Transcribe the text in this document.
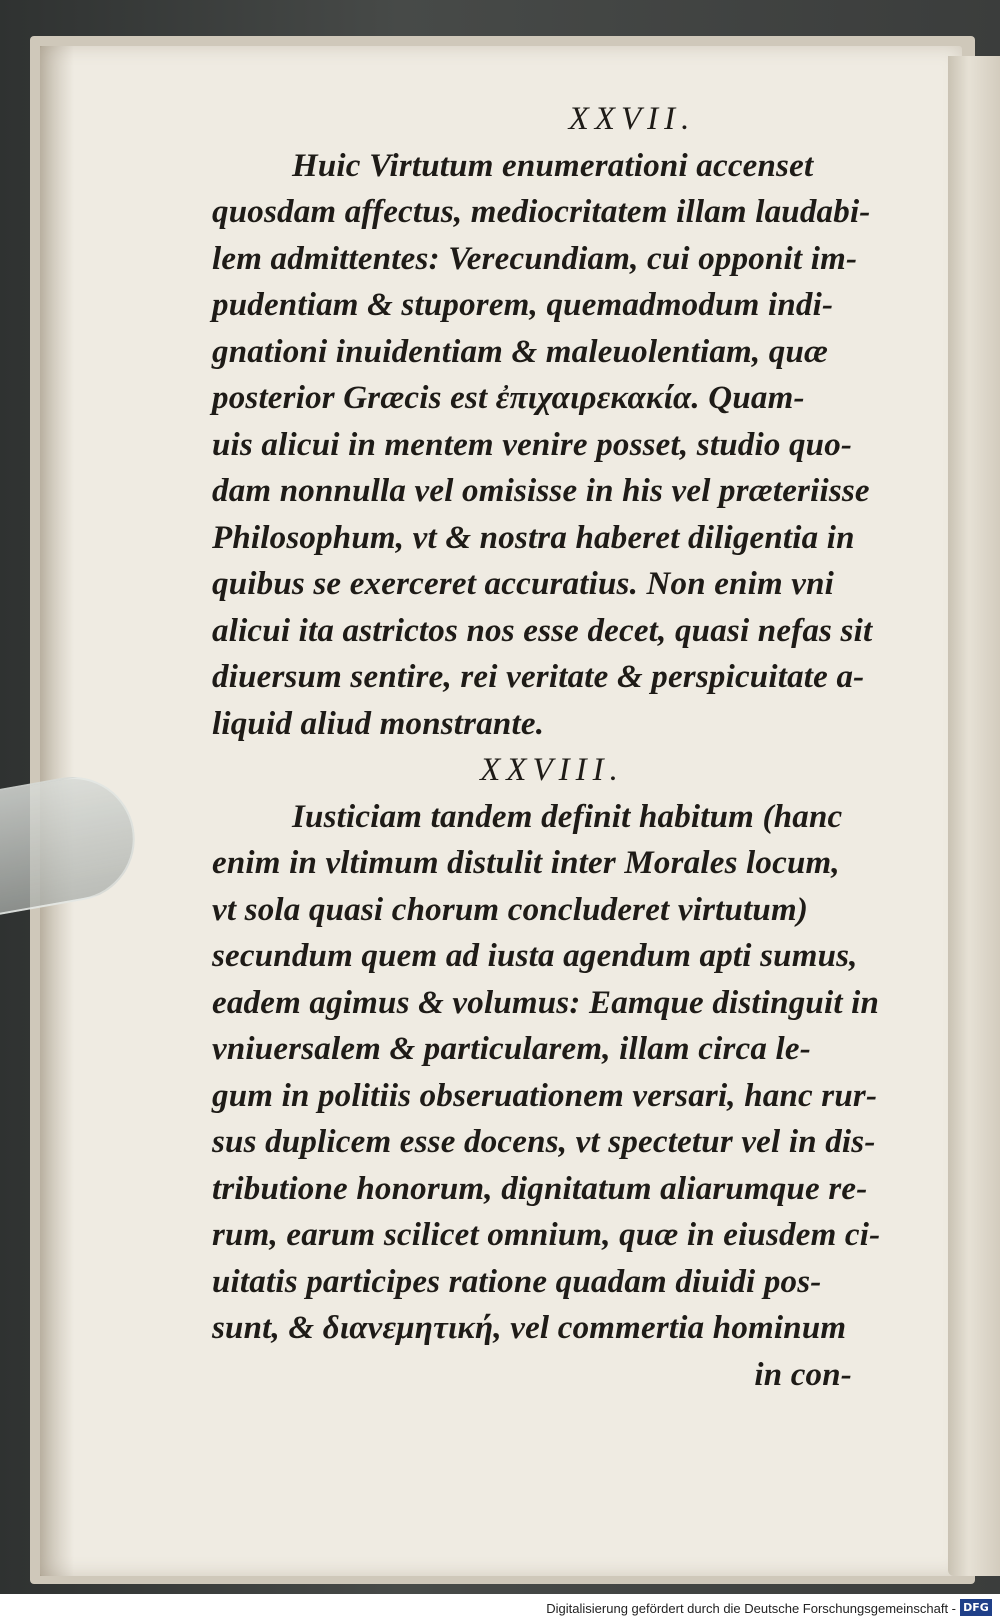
XXVII.
Huic Virtutum enumerationi accenset
quosdam affectus, mediocritatem illam laudabi-
lem admittentes: Verecundiam, cui opponit im-
pudentiam & stuporem, quemadmodum indi-
gnationi inuidentiam & maleuolentiam, quæ
posterior Græcis est ἐπιχαιρεκακία. Quam-
uis alicui in mentem venire posset, studio quo-
dam nonnulla vel omisisse in his vel præteriisse
Philosophum, vt & nostra haberet diligentia in
quibus se exerceret accuratius. Non enim vni
alicui ita astrictos nos esse decet, quasi nefas sit
diuersum sentire, rei veritate & perspicuitate a-
liquid aliud monstrante.
XXVIII.
Iusticiam tandem definit habitum (hanc
enim in vltimum distulit inter Morales locum,
vt sola quasi chorum concluderet virtutum)
secundum quem ad iusta agendum apti sumus,
eadem agimus & volumus: Eamque distinguit in
vniuersalem & particularem, illam circa le-
gum in politiis obseruationem versari, hanc rur-
sus duplicem esse docens, vt spectetur vel in dis-
tributione honorum, dignitatum aliarumque re-
rum, earum scilicet omnium, quæ in eiusdem ci-
uitatis participes ratione quadam diuidi pos-
sunt, & διανεμητική, vel commertia hominum
in con-
Digitalisierung gefördert durch die Deutsche Forschungsgemeinschaft - DFG
